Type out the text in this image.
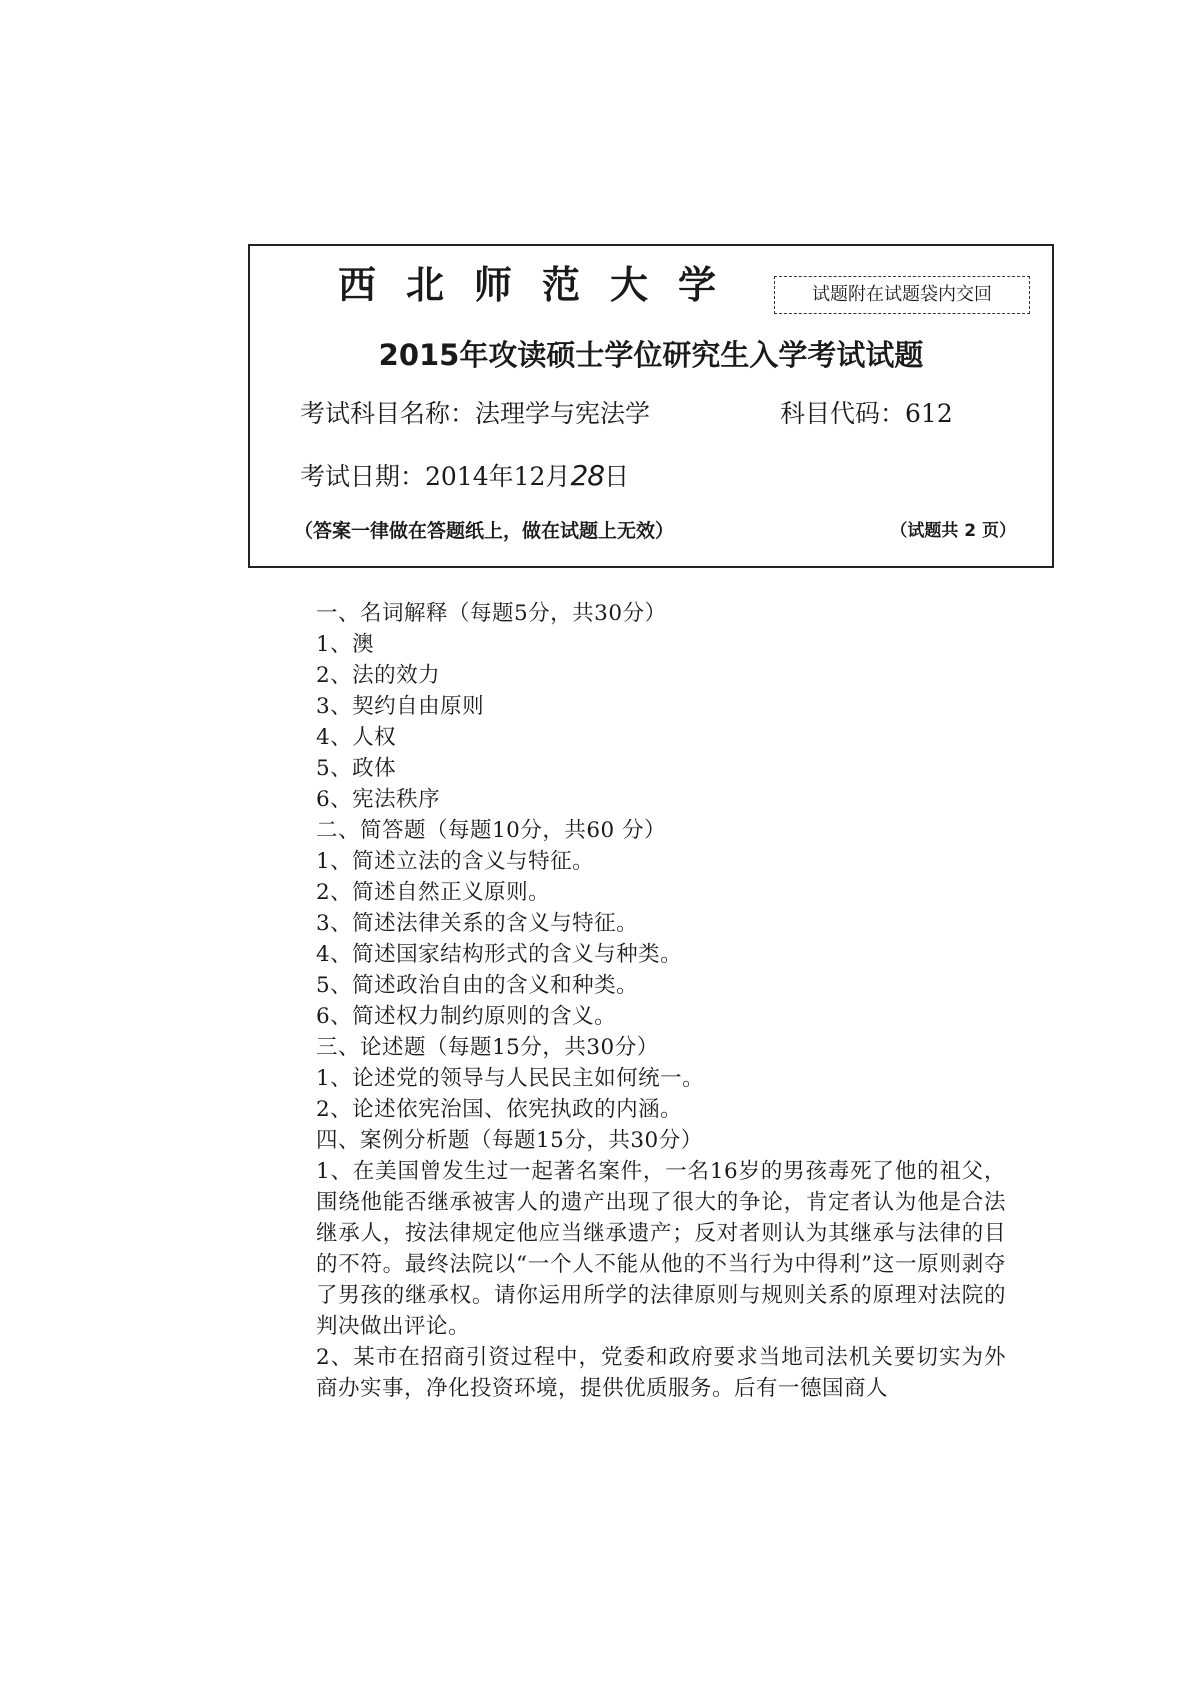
西北师范大学	试题附在试题袋内交回
2015年攻读硕士学位研究生入学考试试题
考试科目名称：法理学与宪法学	科目代码：612
考试日期：2014年12月28日
（答案一律做在答题纸上，做在试题上无效）	（试题共 2 页）
一、名词解释（每题5分，共30分）
1、澳
2、法的效力
3、契约自由原则
4、人权
5、政体
6、宪法秩序
二、简答题（每题10分，共60 分）
1、简述立法的含义与特征。
2、简述自然正义原则。
3、简述法律关系的含义与特征。
4、简述国家结构形式的含义与种类。
5、简述政治自由的含义和种类。
6、简述权力制约原则的含义。
三、论述题（每题15分，共30分）
1、论述党的领导与人民民主如何统一。
2、论述依宪治国、依宪执政的内涵。
四、案例分析题（每题15分，共30分）
1、在美国曾发生过一起著名案件，一名16岁的男孩毒死了他的祖父，围绕他能否继承被害人的遗产出现了很大的争论，肯定者认为他是合法继承人，按法律规定他应当继承遗产；反对者则认为其继承与法律的目的不符。最终法院以“一个人不能从他的不当行为中得利”这一原则剥夺了男孩的继承权。请你运用所学的法律原则与规则关系的原理对法院的判决做出评论。
2、某市在招商引资过程中，党委和政府要求当地司法机关要切实为外商办实事，净化投资环境，提供优质服务。后有一德国商人
